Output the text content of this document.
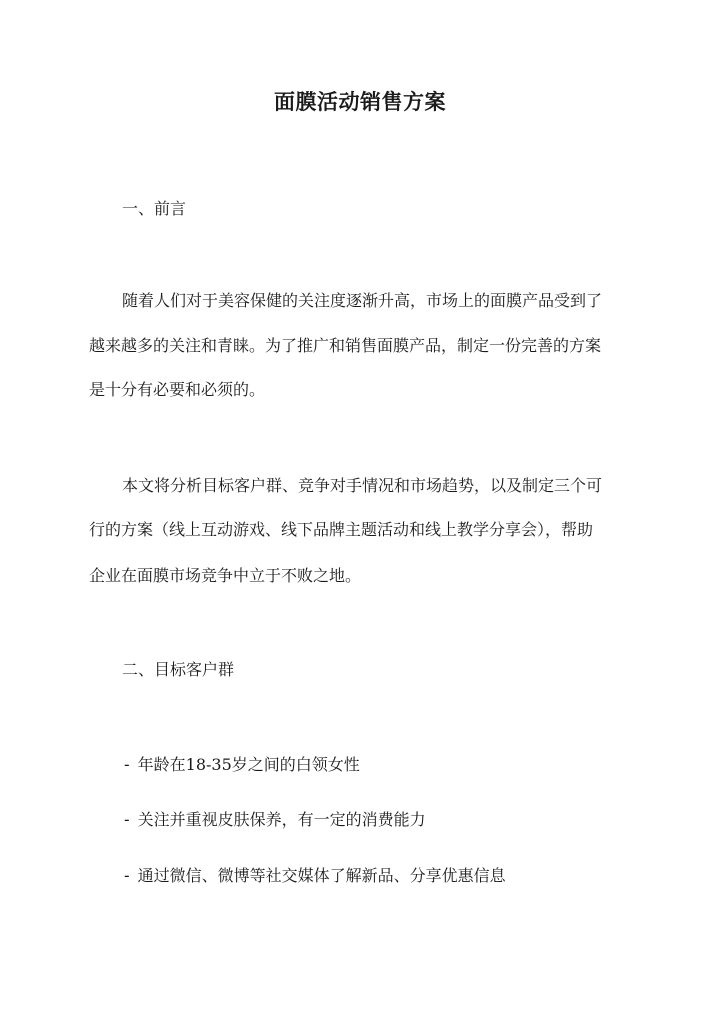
面膜活动销售方案

一、前言

随着人们对于美容保健的关注度逐渐升高，市场上的面膜产品受到了

越来越多的关注和青睐。为了推广和销售面膜产品，制定一份完善的方案

是十分有必要和必须的。

本文将分析目标客户群、竞争对手情况和市场趋势，以及制定三个可

行的方案（线上互动游戏、线下品牌主题活动和线上教学分享会），帮助

企业在面膜市场竞争中立于不败之地。

二、目标客户群

- 年龄在18-35岁之间的白领女性

- 关注并重视皮肤保养，有一定的消费能力

- 通过微信、微博等社交媒体了解新品、分享优惠信息
